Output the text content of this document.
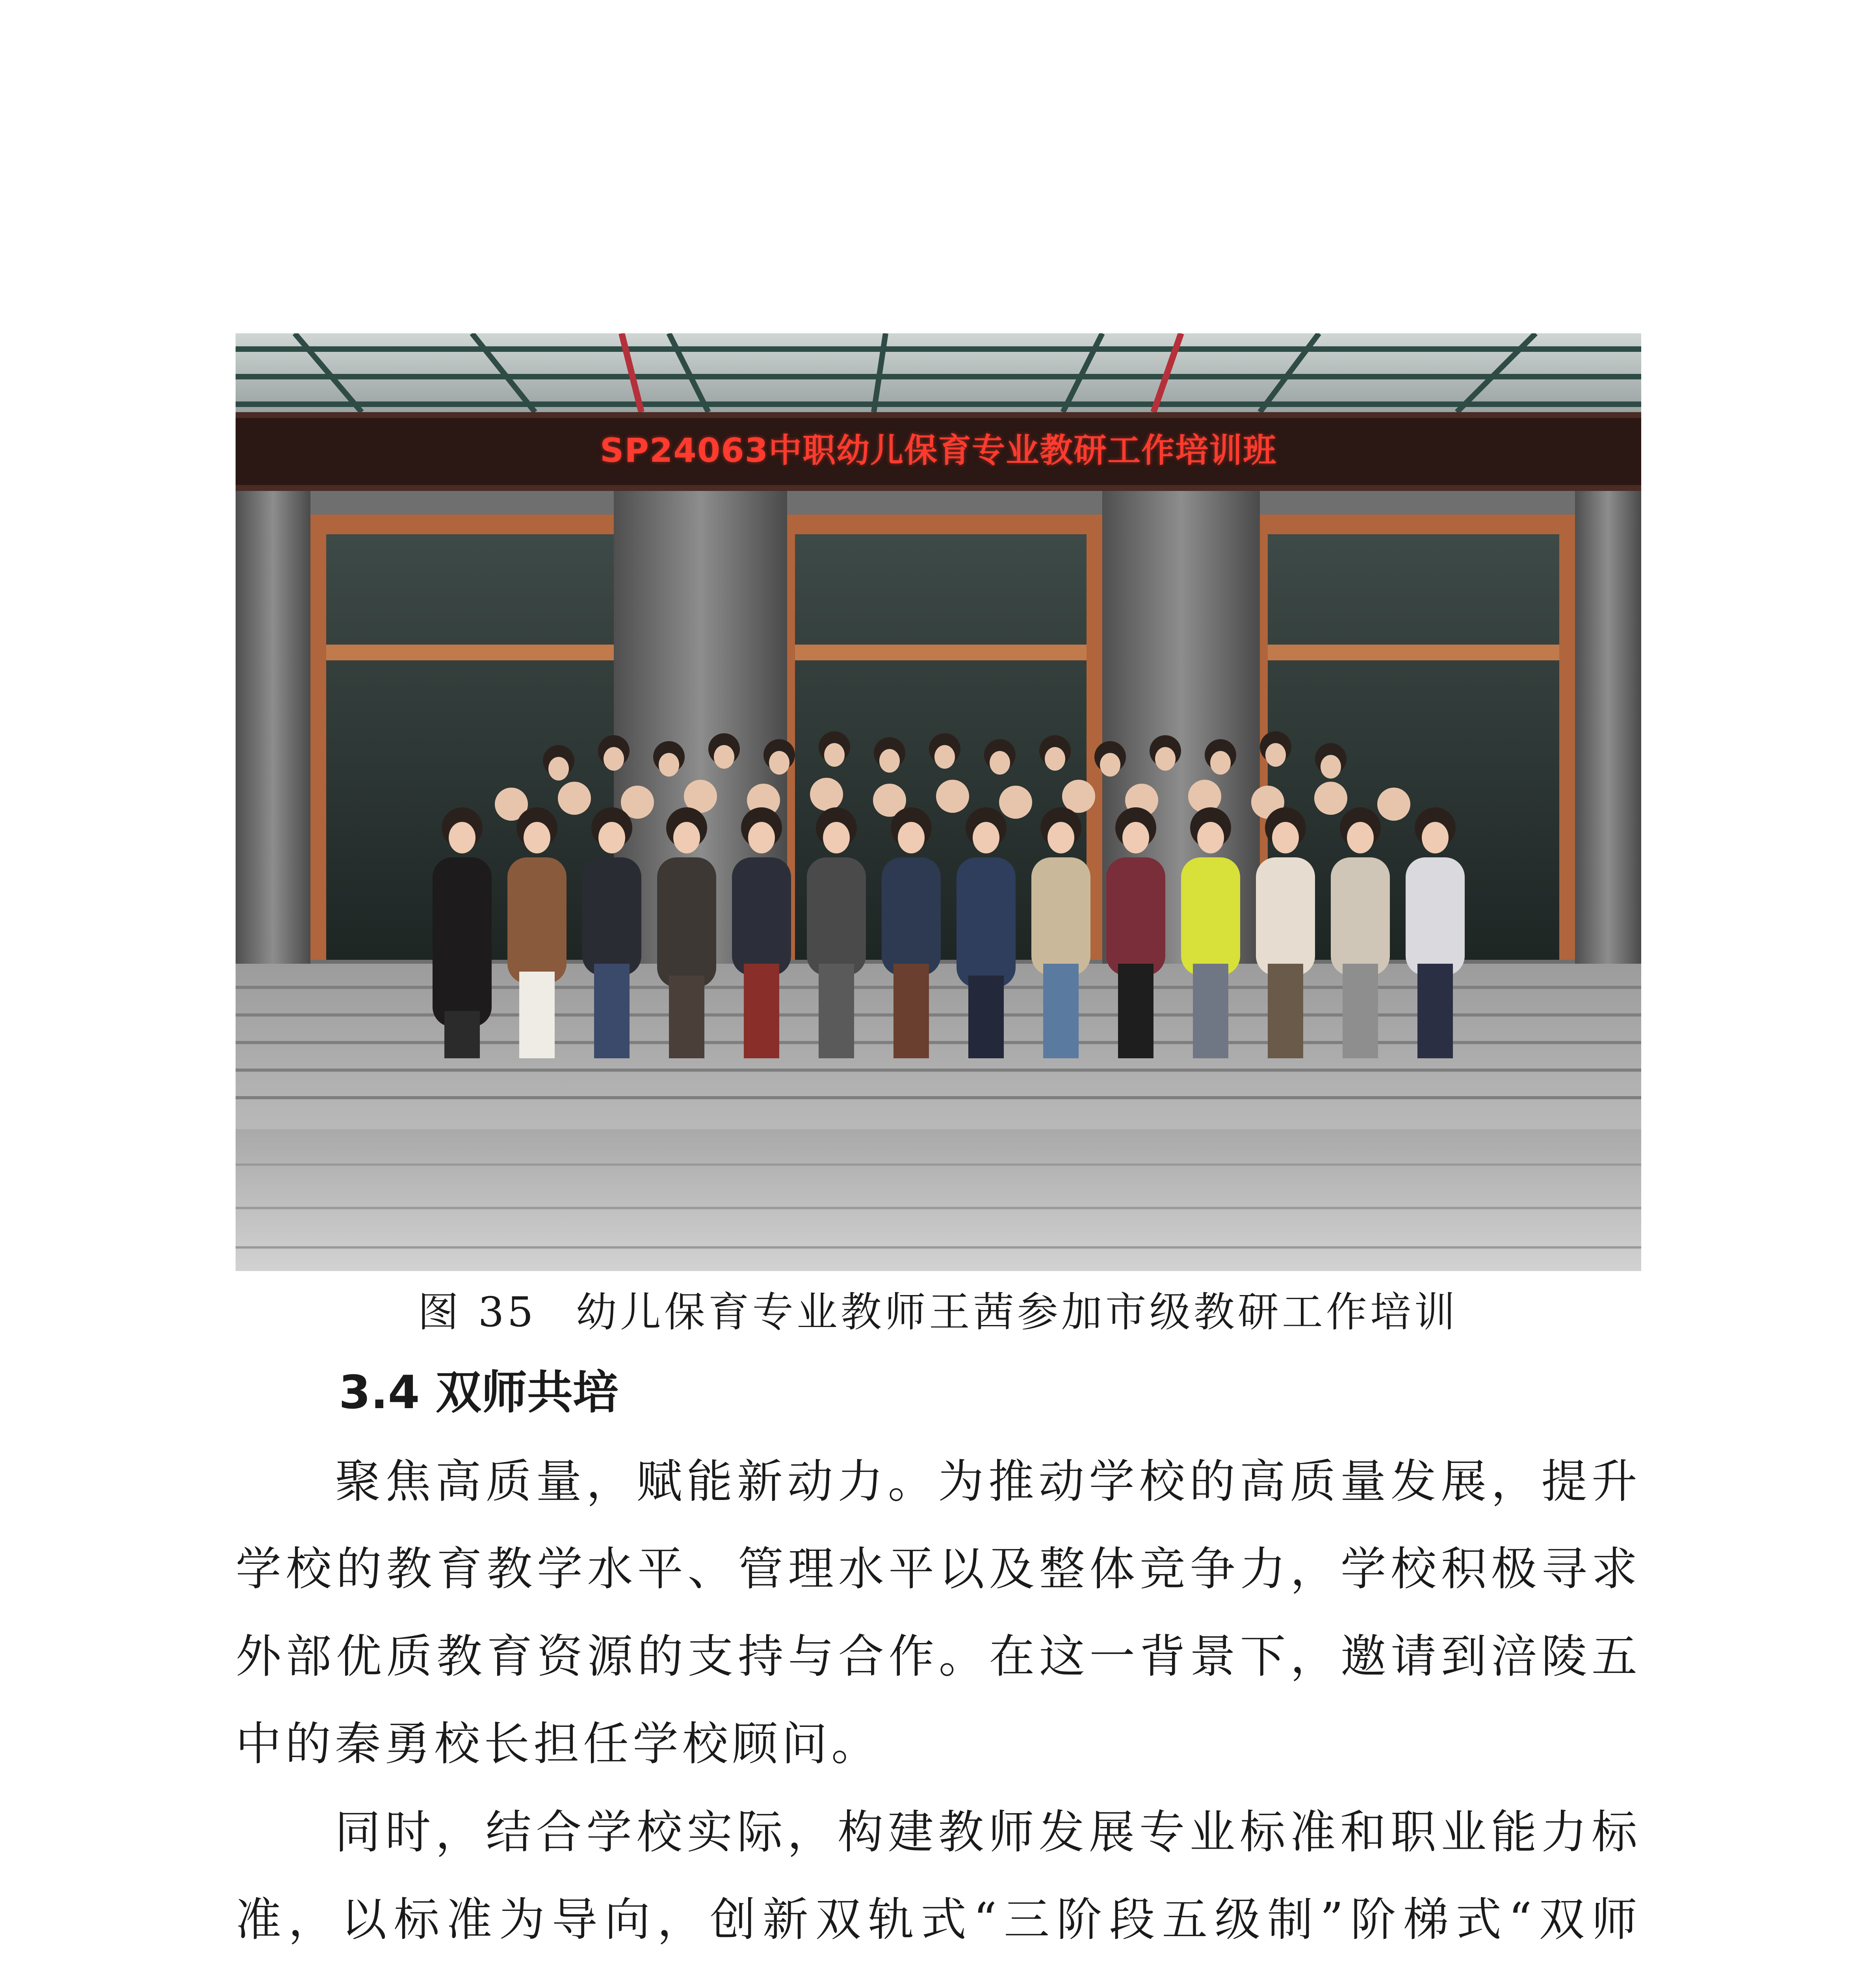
SP24063中职幼儿保育专业教研工作培训班
图 35 幼儿保育专业教师王茜参加市级教研工作培训
3.4 双师共培

聚焦高质量，赋能新动力。为推动学校的高质量发展，提升学校的教育教学水平、管理水平以及整体竞争力，学校积极寻求外部优质教育资源的支持与合作。在这一背景下，邀请到涪陵五中的秦勇校长担任学校顾问。

同时，结合学校实际，构建教师发展专业标准和职业能力标准，以标准为导向，创新双轨式“三阶段五级制”阶梯式“双师
